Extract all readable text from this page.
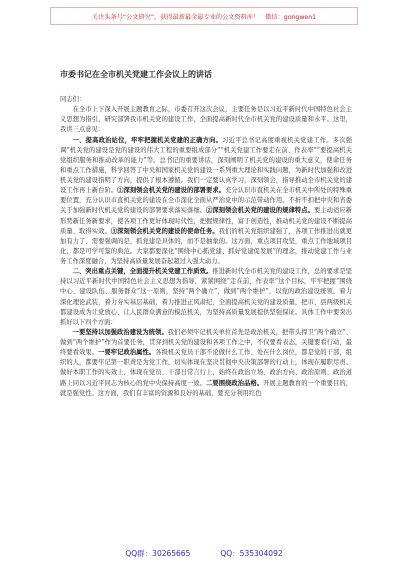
关注头条号“公文研究”，获得最新最全最专业的公文资料库！ 微信：gongwen1
市委书记在全市机关党建工作会议上的讲话

同志们：

在全市上下深入开展主题教育之际，市委召开这次会议，主要任务是以习近平新时代中国特色社会主义思想为指引，研究部署我市机关党的建设工作，全面提高新时代全市机关党的建设质量和水平。这里，我讲三点意见：

一、提高政治站位，牢牢把握机关党建的正确方向。习近平总书记高度重视机关党建工作。多次强调“机关党的建设是党的建设的伟大工程的重要组成部分”“机关党建工作要走在前、作表率”“要提高机关党组织服务和推动改革的能力”等。总书记的重要讲话，深刻阐明了机关党的建设的重大意义，使命任务和重点工作措施，科学回答了中央和国家机关党的建设一系列重大理论和实践问题，为新时代加强和改进机关党的建设指明了方向，提供了根本遵循。我们一定要认真学习，深刻领会，指导推动全市机关党的建设工作再上新台阶。①深刻领会机关党的建设的部署要求。充分认识市直机关在全市机关中所处的特殊重要位置，充分认识市直机关党的建设在全市深化全面从严治党中的示范带动作用。不折不扣把中央和省委关于加强新时代机关党的建设的部署要求落实落细。②深刻领会机关党的建设的规律特点。要主动适应新形势新任务新要求，使各项工作更好体现时代性，把握规律性，富于创造性，推动机关党的建设不断提高质量、取得实效。③深刻领会机关党的建设的使命任务。我们的机关党组织建强了，各项工作推进出就更加有力了，需要强调的是，抓党建是具体的，而不是抽象的。这方面，重点项目攻坚，重点工作地域项目化，都是可学可鉴的典范。大家都要深化“围绕中心抓党建、抓好党建促发展”的理念，推动党建工作与业务工作深度融合，为坚持高质量发展奋起超过入强大动力。

二、突出重点关键，全面提升机关党建工作质效。推进新时代全市机关党的建设工作，总的要求是坚持以习近平新时代中国特色社会主义思想为指导，紧紧围绕“走在前、作表率”这个目标，牢牢把握“围绕中心、建设队伍、服务群众”这一原则，坚持“两个确立”，做到“两个维护”，以党的政治建设统领，着力深化理论武装，着力夯实基层基础，着力推进正风肃纪，全面提高机关党的建设质量，把市、县两级机关都建设成为让党放心、让人民群众满意的模范机关，为坚持高质量发展提供坚强保证。具体工作中要突出抓好以下四个方面：

一要坚持以加强政治建设为统领。我们必须牢记机关单位首先是政治机关，把带头捍卫“两个确立”、做到“两个维护”作为首要任务，贯穿到机关党的建设和各项工作之中，不仅要看表态，关键要看行动，最终要看效果。一要牢记政治属性。各级机关党员干部不论做什么工作、处在什么岗位，都是党的干部，组织的人，都要牢记第一职责是为党工作，切实体现在坚决贯彻中央决策部署的行动上，体现在履职尽责、做好本职工作的实效上，体现在党员、干部日常言行上，始终在政治立场、政治方向、政治原则、政治道路上同以习近平同志为核心的党中央保持高度一致。二要围绕政治品格。开展主题教育的一个重要目的，就是强党性。这方面，我们有丰富的资源和良好的基础，要充分利用红色

QQ群：30265665	QQ：535304092
